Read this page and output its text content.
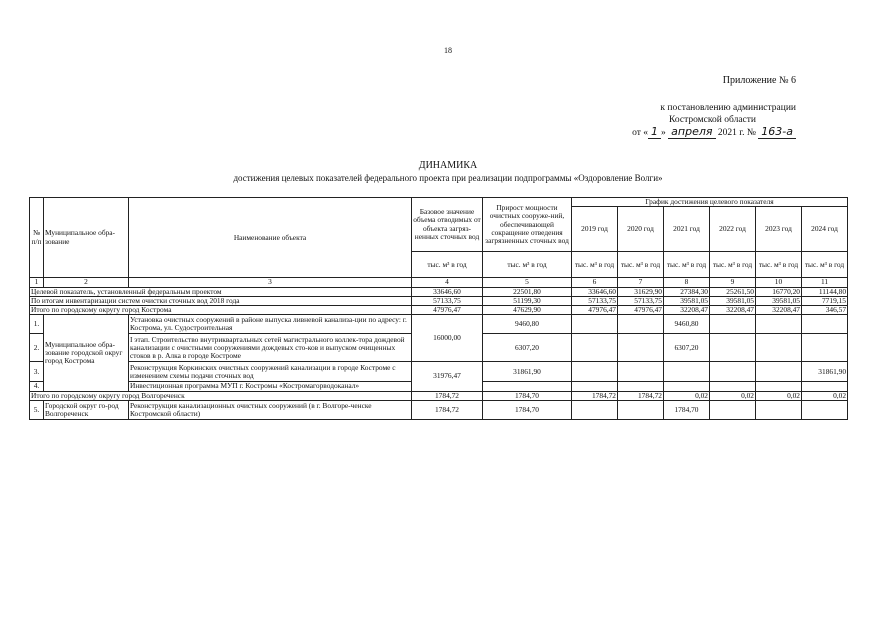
18
Приложение № 6
к постановлению администрации
Костромской области
от « 1 » апреля 2021 г. № 163-а
ДИНАМИКА
достижения целевых показателей федерального проекта при реализации подпрограммы «Оздоровление Волги»
№ п/п	Муниципальное обра-зование	Наименование объекта	Базовое значение объема отводимых от объекта загряз-ненных сточных вод	Прирост мощности очистных сооруже-ний, обеспечивающей сокращение отведения загрязненных сточных вод	График достижения целевого показателя					
					2019 год	2020 год	2021 год	2022 год	2023 год	2024 год
			тыс. м³ в год	тыс. м³ в год	тыс. м³ в год	тыс. м³ в год	тыс. м³ в год	тыс. м³ в год	тыс. м³ в год	тыс. м³ в год
1	2	3	4	5	6	7	8	9	10	11
Целевой показатель, установленный федеральным проектом			33646,60	22501,80	33646,60	31629,90	27384,30	25261,50	16770,20	11144,80
По итогам инвентаризации систем очистки сточных вод 2018 года			57133,75	51199,30	57133,75	57133,75	39581,05	39581,05	39581,05	7719,15
Итого по городскому округу город Кострома			47976,47	47629,90	47976,47	47976,47	32208,47	32208,47	32208,47	346,57
1.	Муниципальное обра-зование городской округ город Кострома	Установка очистных сооружений в районе выпуска ливневой канализа-ции по адресу: г. Кострома, ул. Судостроительная	16000,00	9460,80			9460,80			
2.		I этап. Строительство внутриквартальных сетей магистрального коллек-тора дождевой канализации с очистными сооружениями дождевых сто-ков и выпуском очищенных стоков в р. Алка в городе Костроме		6307,20			6307,20			
3.		Реконструкция Коркинских очистных сооружений канализации в городе Костроме с изменением схемы подачи сточных вод	31976,47	31861,90						31861,90
4.		Инвестиционная программа МУП г. Костромы «Костромагорводоканал»								
Итого по городскому округу город Волгореченск			1784,72	1784,70	1784,72	1784,72	0,02	0,02	0,02	0,02
5.	Городской округ го-род Волгореченск	Реконструкция канализационных очистных сооружений (в г. Волгоре-ченске Костромской области)	1784,72	1784,70			1784,70			
